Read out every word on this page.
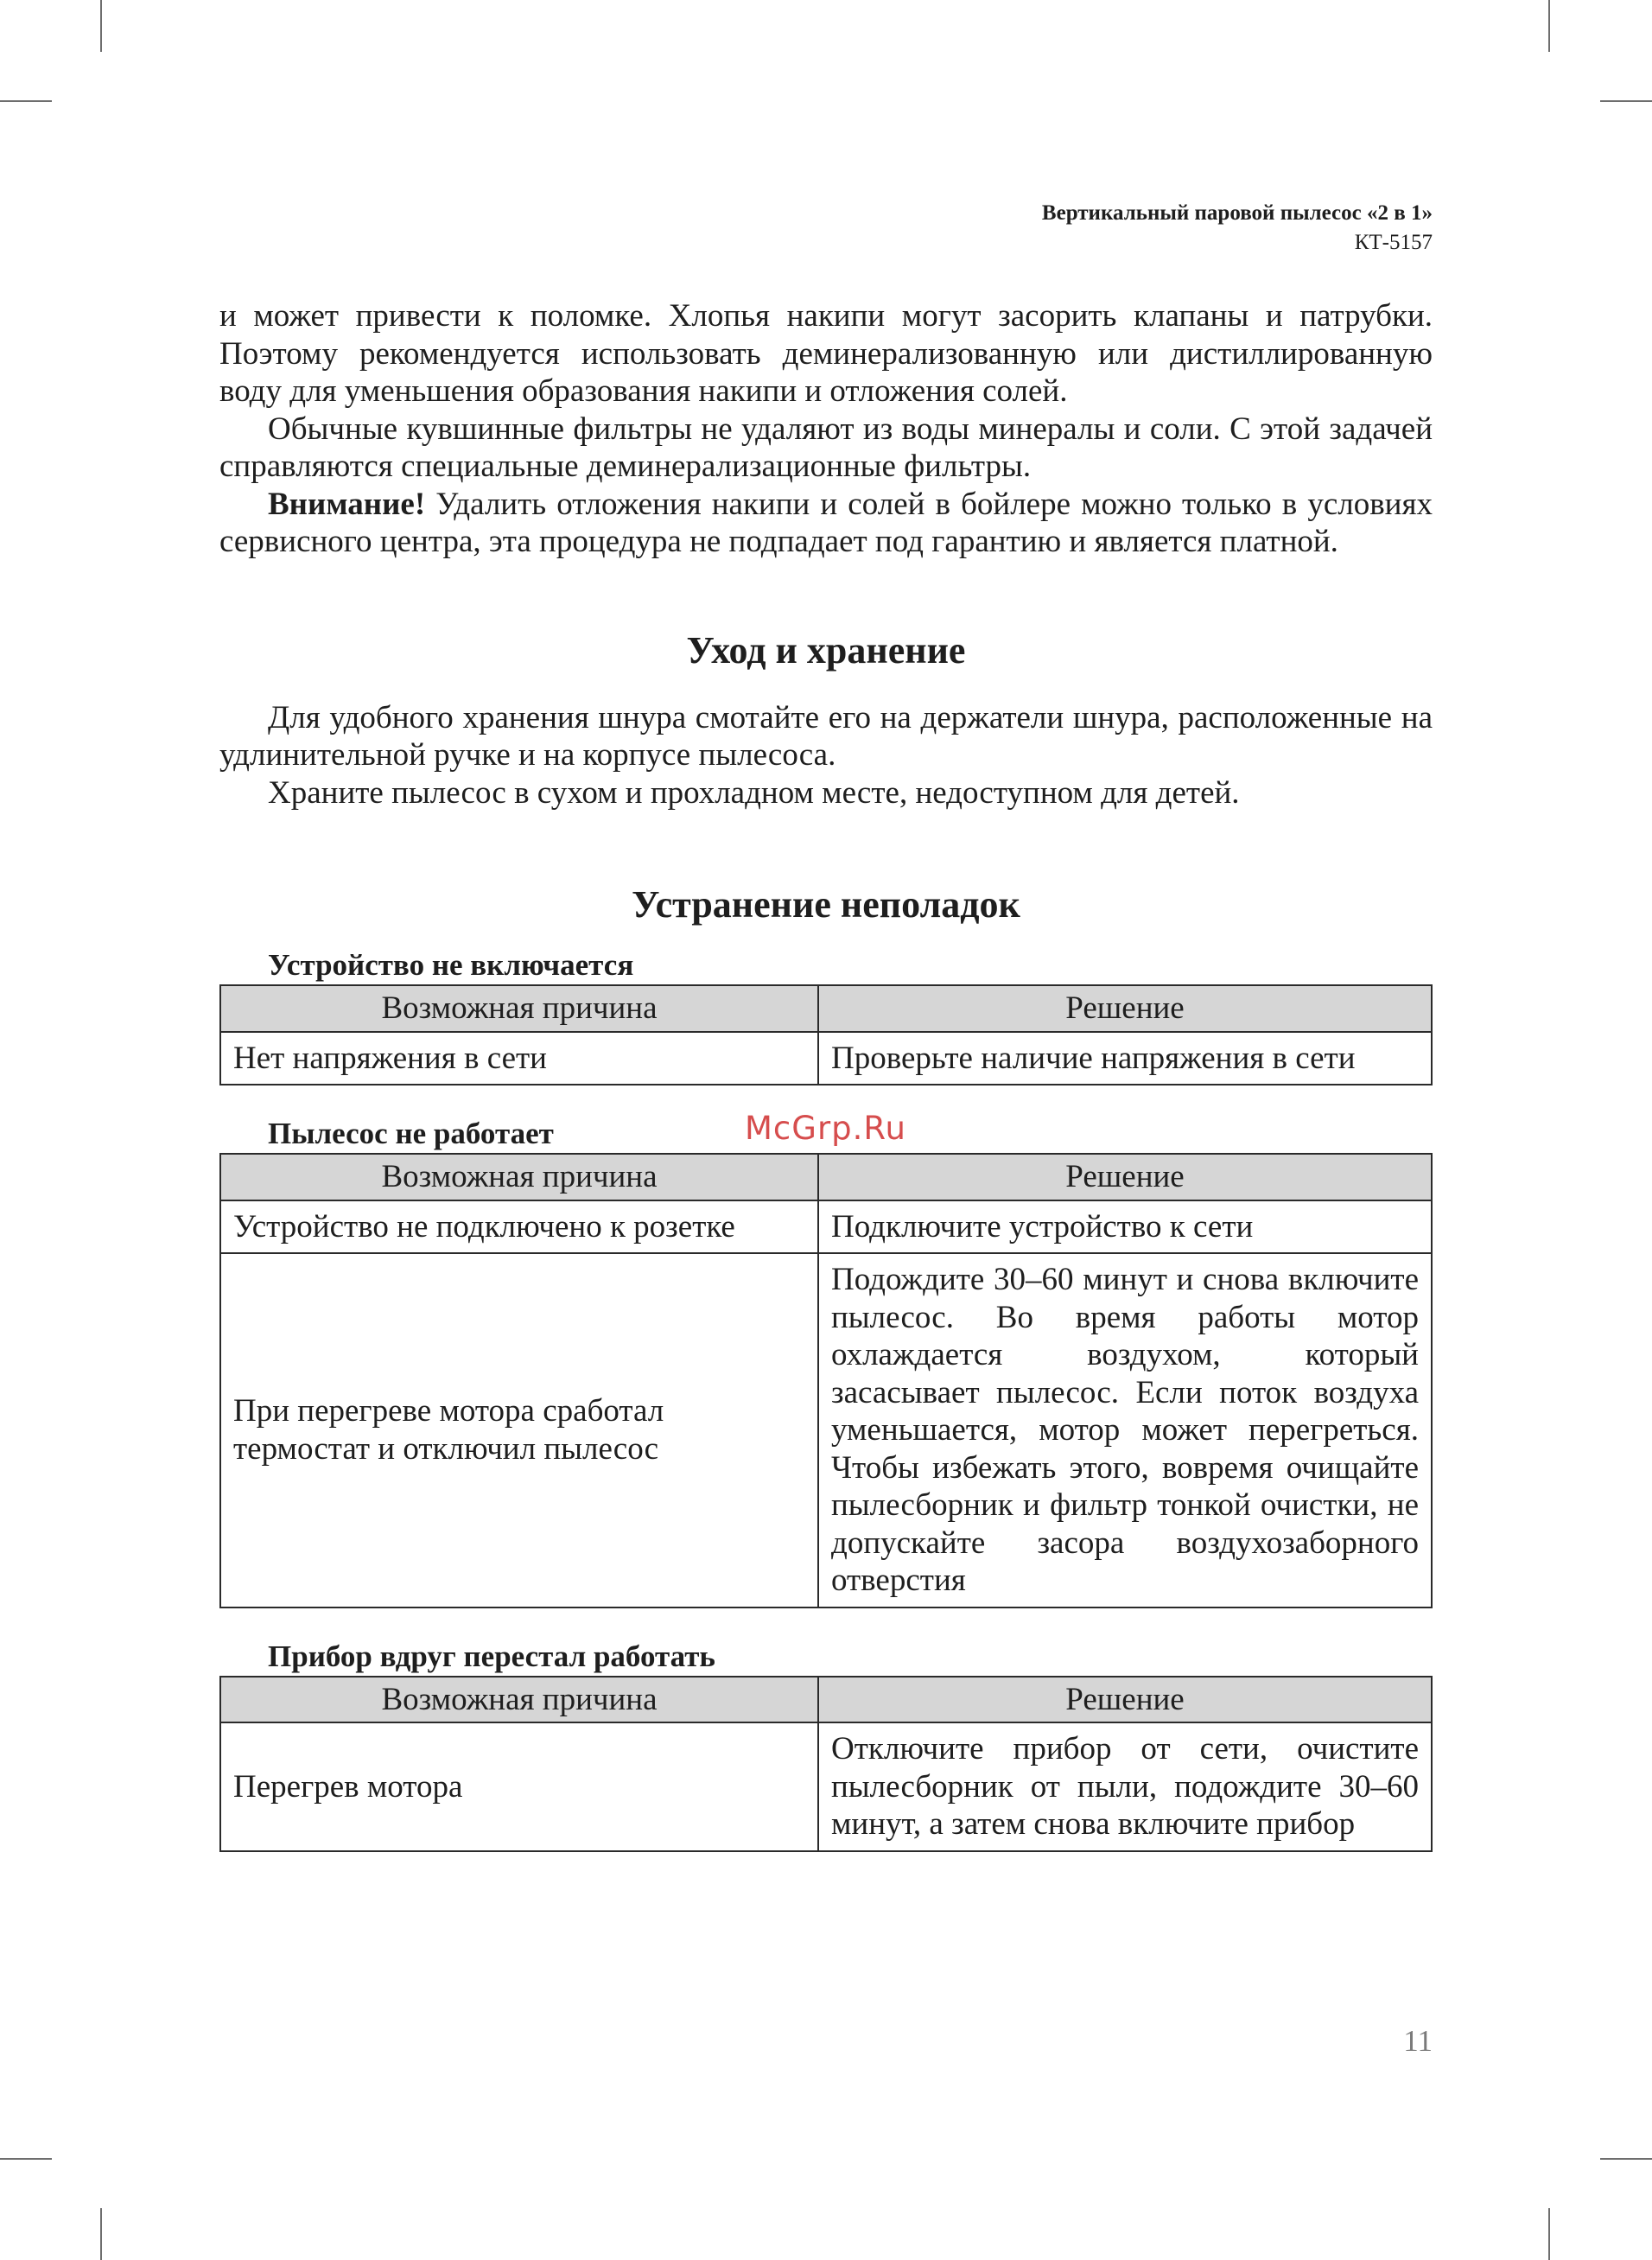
Вертикальный паровой пылесос «2 в 1»
КТ-5157

и может привести к поломке. Хлопья накипи могут засорить клапаны и патрубки. Поэтому рекомендуется использовать деминерализованную или дистиллированную воду для уменьшения образования накипи и отложения солей.

Обычные кувшинные фильтры не удаляют из воды минералы и соли. С этой задачей справляются специальные деминерализационные фильтры.

Внимание! Удалить отложения накипи и солей в бойлере можно только в условиях сервисного центра, эта процедура не подпадает под гарантию и является платной.

Уход и хранение

Для удобного хранения шнура смотайте его на держатели шнура, расположенные на удлинительной ручке и на корпусе пылесоса.

Храните пылесос в сухом и прохладном месте, недоступном для детей.

Устранение неполадок
Устройство не включается
Возможная причина	Решение
Нет напряжения в сети	Проверьте наличие напряжения в сети
Пылесос не работает
Возможная причина	Решение
Устройство не подключено к розетке	Подключите устройство к сети
При перегреве мотора сработал термостат и отключил пылесос	Подождите 30–60 минут и снова включите пылесос. Во время работы мотор охлаждается воздухом, который засасывает пылесос. Если поток воздуха уменьшается, мотор может перегреться. Чтобы избежать этого, вовремя очищайте пылесборник и фильтр тонкой очистки, не допускайте засора воздухозаборного отверстия
Прибор вдруг перестал работать
Возможная причина	Решение
Перегрев мотора	Отключите прибор от сети, очистите пылесборник от пыли, подождите 30–60 минут, а затем снова включите прибор
McGrp.Ru
11
